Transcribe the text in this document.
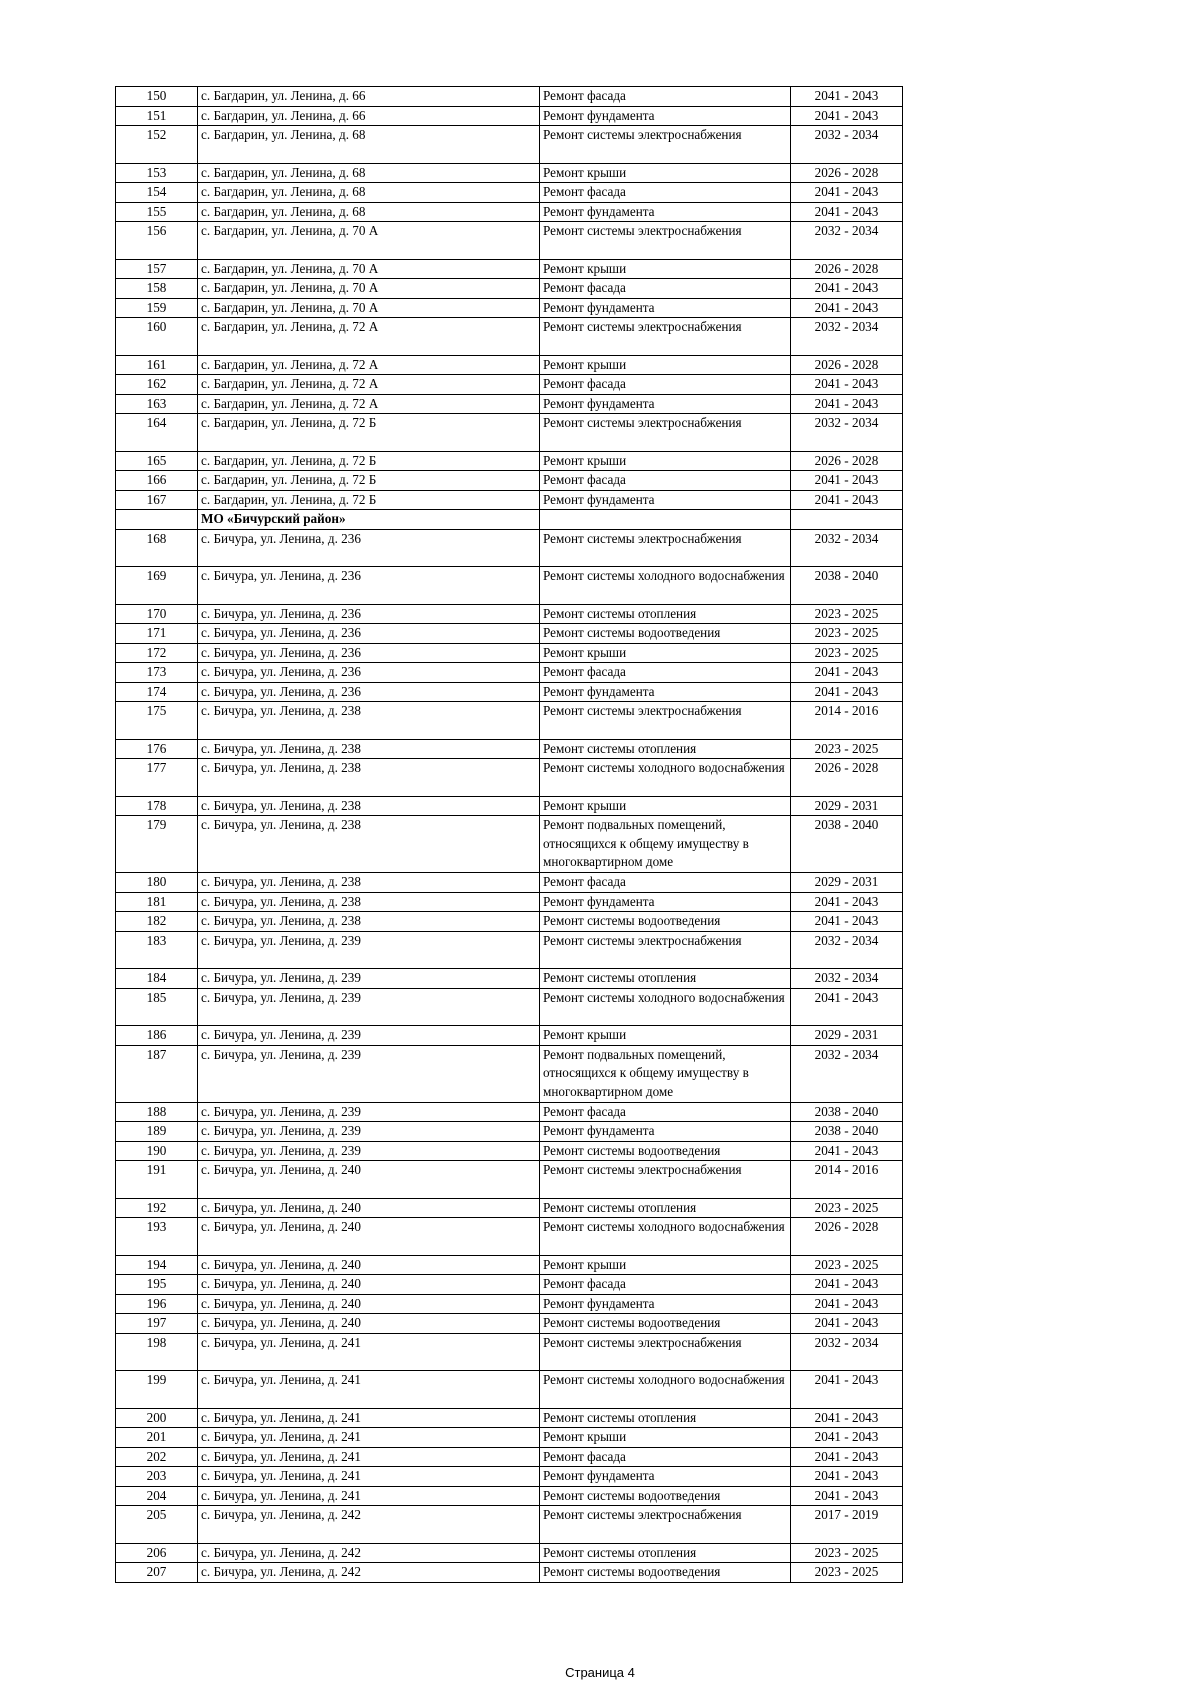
150	с. Багдарин, ул. Ленина, д. 66	Ремонт фасада	2041 - 2043
151	с. Багдарин, ул. Ленина, д. 66	Ремонт фундамента	2041 - 2043
152	с. Багдарин, ул. Ленина, д. 68	Ремонт системы электроснабжения	2032 - 2034
153	с. Багдарин, ул. Ленина, д. 68	Ремонт крыши	2026 - 2028
154	с. Багдарин, ул. Ленина, д. 68	Ремонт фасада	2041 - 2043
155	с. Багдарин, ул. Ленина, д. 68	Ремонт фундамента	2041 - 2043
156	с. Багдарин, ул. Ленина, д. 70 А	Ремонт системы электроснабжения	2032 - 2034
157	с. Багдарин, ул. Ленина, д. 70 А	Ремонт крыши	2026 - 2028
158	с. Багдарин, ул. Ленина, д. 70 А	Ремонт фасада	2041 - 2043
159	с. Багдарин, ул. Ленина, д. 70 А	Ремонт фундамента	2041 - 2043
160	с. Багдарин, ул. Ленина, д. 72 А	Ремонт системы электроснабжения	2032 - 2034
161	с. Багдарин, ул. Ленина, д. 72 А	Ремонт крыши	2026 - 2028
162	с. Багдарин, ул. Ленина, д. 72 А	Ремонт фасада	2041 - 2043
163	с. Багдарин, ул. Ленина, д. 72 А	Ремонт фундамента	2041 - 2043
164	с. Багдарин, ул. Ленина, д. 72 Б	Ремонт системы электроснабжения	2032 - 2034
165	с. Багдарин, ул. Ленина, д. 72 Б	Ремонт крыши	2026 - 2028
166	с. Багдарин, ул. Ленина, д. 72 Б	Ремонт фасада	2041 - 2043
167	с. Багдарин, ул. Ленина, д. 72 Б	Ремонт фундамента	2041 - 2043
	МО «Бичурский район»		
168	с. Бичура, ул. Ленина, д. 236	Ремонт системы электроснабжения	2032 - 2034
169	с. Бичура, ул. Ленина, д. 236	Ремонт системы холодного водоснабжения	2038 - 2040
170	с. Бичура, ул. Ленина, д. 236	Ремонт системы отопления	2023 - 2025
171	с. Бичура, ул. Ленина, д. 236	Ремонт системы водоотведения	2023 - 2025
172	с. Бичура, ул. Ленина, д. 236	Ремонт крыши	2023 - 2025
173	с. Бичура, ул. Ленина, д. 236	Ремонт фасада	2041 - 2043
174	с. Бичура, ул. Ленина, д. 236	Ремонт фундамента	2041 - 2043
175	с. Бичура, ул. Ленина, д. 238	Ремонт системы электроснабжения	2014 - 2016
176	с. Бичура, ул. Ленина, д. 238	Ремонт системы отопления	2023 - 2025
177	с. Бичура, ул. Ленина, д. 238	Ремонт системы холодного водоснабжения	2026 - 2028
178	с. Бичура, ул. Ленина, д. 238	Ремонт крыши	2029 - 2031
179	с. Бичура, ул. Ленина, д. 238	Ремонт подвальных помещений, относящихся к общему имуществу в многоквартирном доме	2038 - 2040
180	с. Бичура, ул. Ленина, д. 238	Ремонт фасада	2029 - 2031
181	с. Бичура, ул. Ленина, д. 238	Ремонт фундамента	2041 - 2043
182	с. Бичура, ул. Ленина, д. 238	Ремонт системы водоотведения	2041 - 2043
183	с. Бичура, ул. Ленина, д. 239	Ремонт системы электроснабжения	2032 - 2034
184	с. Бичура, ул. Ленина, д. 239	Ремонт системы отопления	2032 - 2034
185	с. Бичура, ул. Ленина, д. 239	Ремонт системы холодного водоснабжения	2041 - 2043
186	с. Бичура, ул. Ленина, д. 239	Ремонт крыши	2029 - 2031
187	с. Бичура, ул. Ленина, д. 239	Ремонт подвальных помещений, относящихся к общему имуществу в многоквартирном доме	2032 - 2034
188	с. Бичура, ул. Ленина, д. 239	Ремонт фасада	2038 - 2040
189	с. Бичура, ул. Ленина, д. 239	Ремонт фундамента	2038 - 2040
190	с. Бичура, ул. Ленина, д. 239	Ремонт системы водоотведения	2041 - 2043
191	с. Бичура, ул. Ленина, д. 240	Ремонт системы электроснабжения	2014 - 2016
192	с. Бичура, ул. Ленина, д. 240	Ремонт системы отопления	2023 - 2025
193	с. Бичура, ул. Ленина, д. 240	Ремонт системы холодного водоснабжения	2026 - 2028
194	с. Бичура, ул. Ленина, д. 240	Ремонт крыши	2023 - 2025
195	с. Бичура, ул. Ленина, д. 240	Ремонт фасада	2041 - 2043
196	с. Бичура, ул. Ленина, д. 240	Ремонт фундамента	2041 - 2043
197	с. Бичура, ул. Ленина, д. 240	Ремонт системы водоотведения	2041 - 2043
198	с. Бичура, ул. Ленина, д. 241	Ремонт системы электроснабжения	2032 - 2034
199	с. Бичура, ул. Ленина, д. 241	Ремонт системы холодного водоснабжения	2041 - 2043
200	с. Бичура, ул. Ленина, д. 241	Ремонт системы отопления	2041 - 2043
201	с. Бичура, ул. Ленина, д. 241	Ремонт крыши	2041 - 2043
202	с. Бичура, ул. Ленина, д. 241	Ремонт фасада	2041 - 2043
203	с. Бичура, ул. Ленина, д. 241	Ремонт фундамента	2041 - 2043
204	с. Бичура, ул. Ленина, д. 241	Ремонт системы водоотведения	2041 - 2043
205	с. Бичура, ул. Ленина, д. 242	Ремонт системы электроснабжения	2017 - 2019
206	с. Бичура, ул. Ленина, д. 242	Ремонт системы отопления	2023 - 2025
207	с. Бичура, ул. Ленина, д. 242	Ремонт системы водоотведения	2023 - 2025
Страница 4
